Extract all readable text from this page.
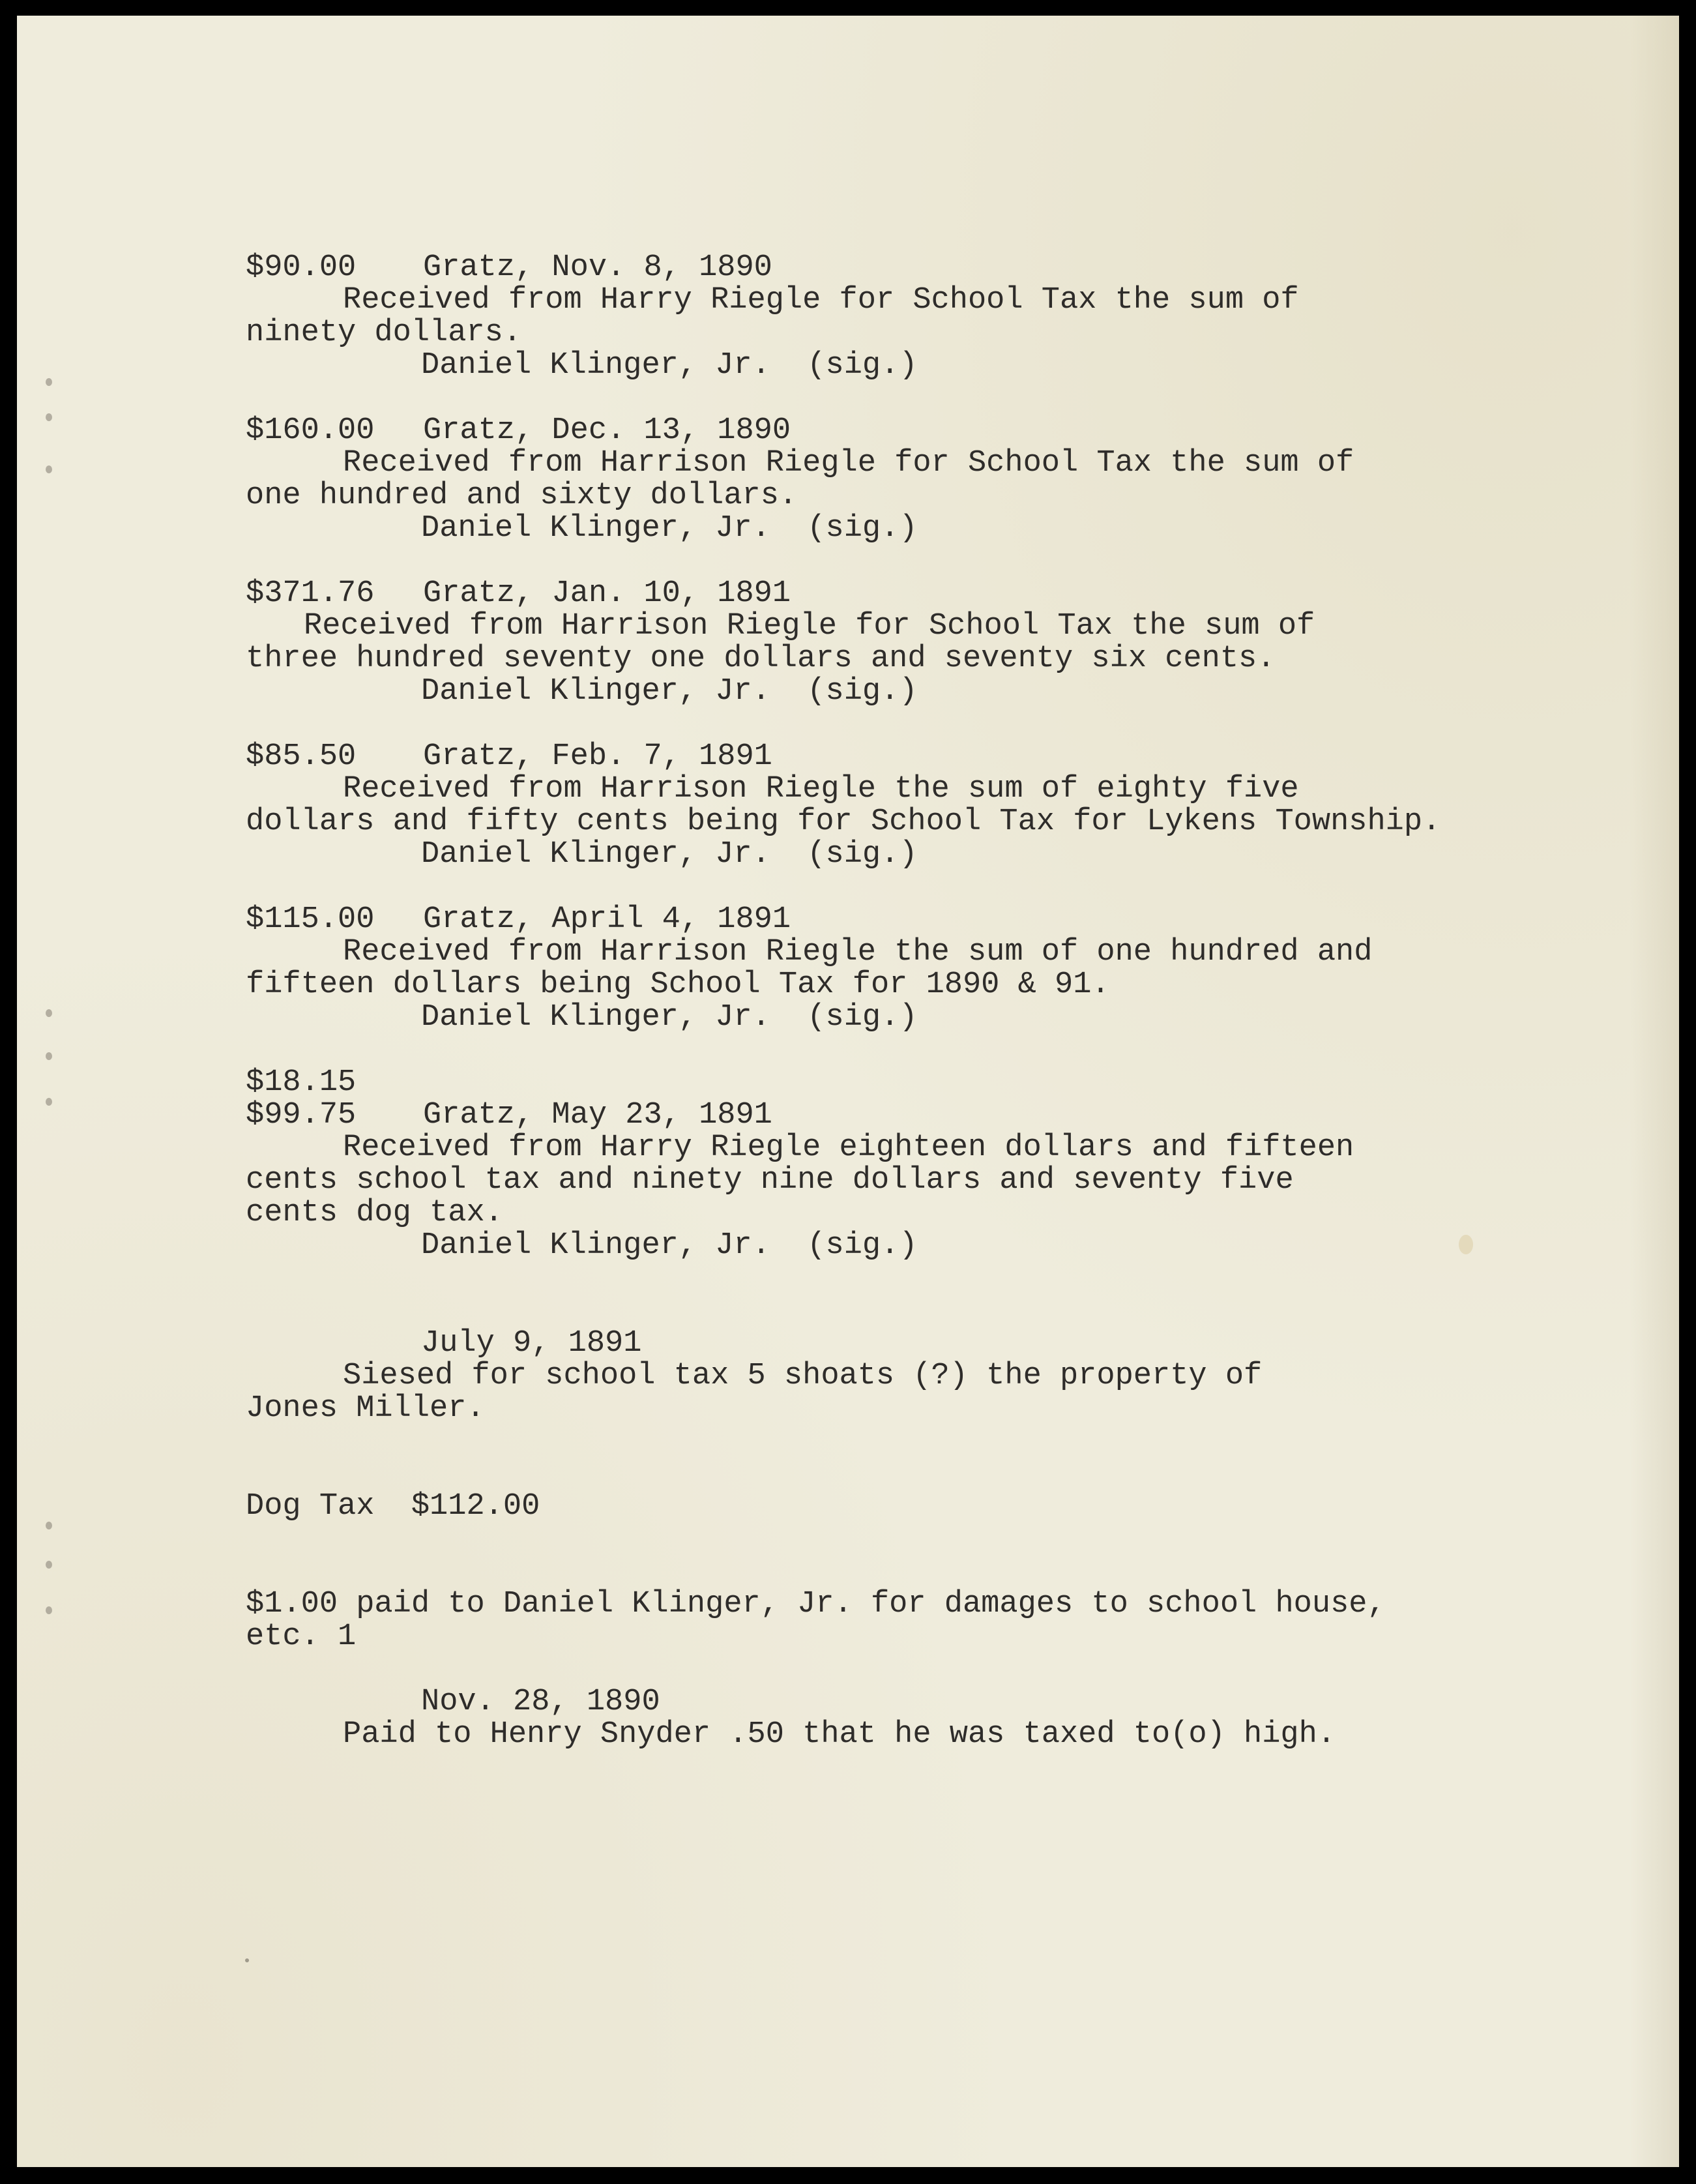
$90.00 Gratz, Nov. 8, 1890

Received from Harry Riegle for School Tax the sum of

ninety dollars.

Daniel Klinger, Jr.  (sig.)

$160.00 Gratz, Dec. 13, 1890

Received from Harrison Riegle for School Tax the sum of

one hundred and sixty dollars.

Daniel Klinger, Jr.  (sig.)

$371.76 Gratz, Jan. 10, 1891

Received from Harrison Riegle for School Tax the sum of

three hundred seventy one dollars and seventy six cents.

Daniel Klinger, Jr.  (sig.)

$85.50 Gratz, Feb. 7, 1891

Received from Harrison Riegle the sum of eighty five

dollars and fifty cents being for School Tax for Lykens Township.

Daniel Klinger, Jr.  (sig.)

$115.00 Gratz, April 4, 1891

Received from Harrison Riegle the sum of one hundred and

fifteen dollars being School Tax for 1890 & 91.

Daniel Klinger, Jr.  (sig.)

$18.15

$99.75 Gratz, May 23, 1891

Received from Harry Riegle eighteen dollars and fifteen

cents school tax and ninety nine dollars and seventy five

cents dog tax.

Daniel Klinger, Jr.  (sig.)

July 9, 1891

Siesed for school tax 5 shoats (?) the property of

Jones Miller.

Dog Tax  $112.00

$1.00 paid to Daniel Klinger, Jr. for damages to school house,

etc. 1

Nov. 28, 1890

Paid to Henry Snyder .50 that he was taxed to(o) high.
